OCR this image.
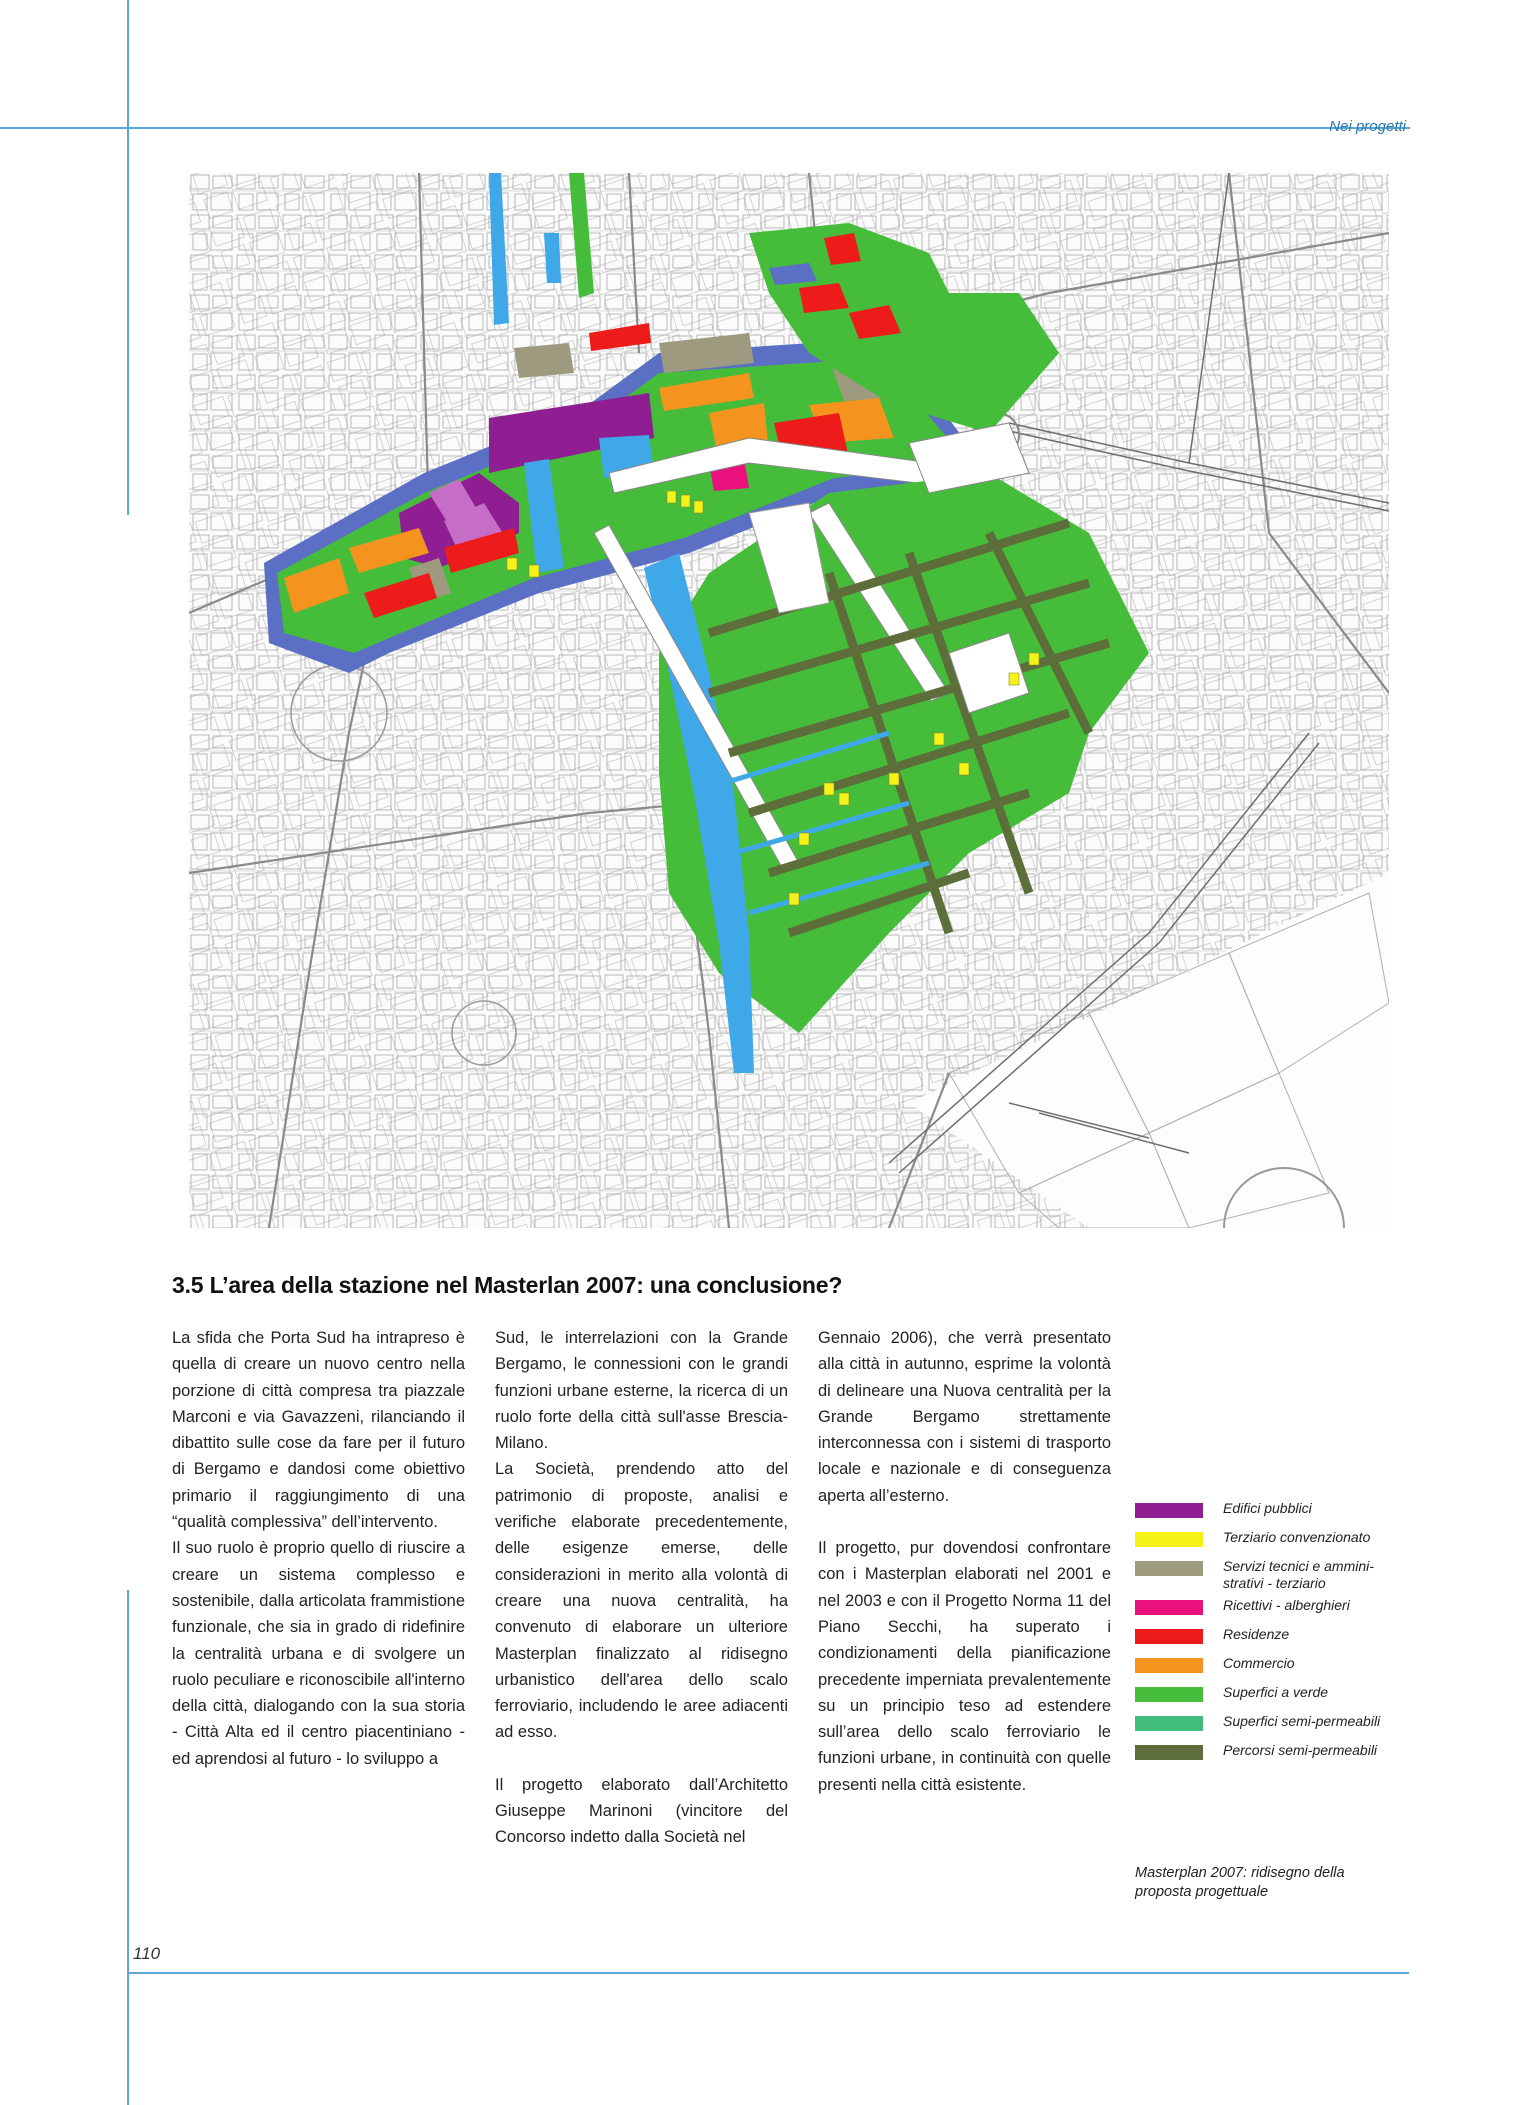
Nei progetti
3.5 L’area della stazione nel Masterlan 2007: una conclusione?

La sfida che Porta Sud ha intrapreso è quella di creare un nuovo centro nella porzione di città compresa tra piazzale Marconi e via Gavazzeni, rilanciando il dibattito sulle cose da fare per il futuro di Bergamo e dandosi come obiettivo primario il raggiungimento di una “qualità complessiva” dell’intervento.

Il suo ruolo è proprio quello di riuscire a creare un sistema complesso e sostenibile, dalla articolata frammistione funzionale, che sia in grado di ridefinire la centralità urbana e di svolgere un ruolo peculiare e riconoscibile all'interno della città, dialogando con la sua storia - Città Alta ed il centro piacentiniano - ed aprendosi al futuro - lo sviluppo a

Sud, le interrelazioni con la Grande Bergamo, le connessioni con le grandi funzioni urbane esterne, la ricerca di un ruolo forte della città sull'asse Brescia-Milano.

La Società, prendendo atto del patrimonio di proposte, analisi e verifiche elaborate precedentemente, delle esigenze emerse, delle considerazioni in merito alla volontà di creare una nuova centralità, ha convenuto di elaborare un ulteriore Masterplan finalizzato al ridisegno urbanistico dell'area dello scalo ferroviario, includendo le aree adiacenti ad esso.

Il progetto elaborato dall’Architetto Giuseppe Marinoni (vincitore del Concorso indetto dalla Società nel

Gennaio 2006), che verrà presentato alla città in autunno, esprime la volontà di delineare una Nuova centralità per la Grande Bergamo strettamente interconnessa con i sistemi di trasporto locale e nazionale e di conseguenza aperta all’esterno.

Il progetto, pur dovendosi confrontare con i Masterplan elaborati nel 2001 e nel 2003 e con il Progetto Norma 11 del Piano Secchi, ha superato i condizionamenti della pianificazione precedente imperniata prevalentemente su un principio teso ad estendere sull’area dello scalo ferroviario le funzioni urbane, in continuità con quelle presenti nella città esistente.

Edifici pubblici
Terziario convenzionato
Servizi tecnici e ammini-
strativi - terziario
Ricettivi - alberghieri
Residenze
Commercio
Superfici a verde
Superfici semi-permeabili
Percorsi semi-permeabili
Masterplan 2007: ridisegno della proposta progettuale
110
